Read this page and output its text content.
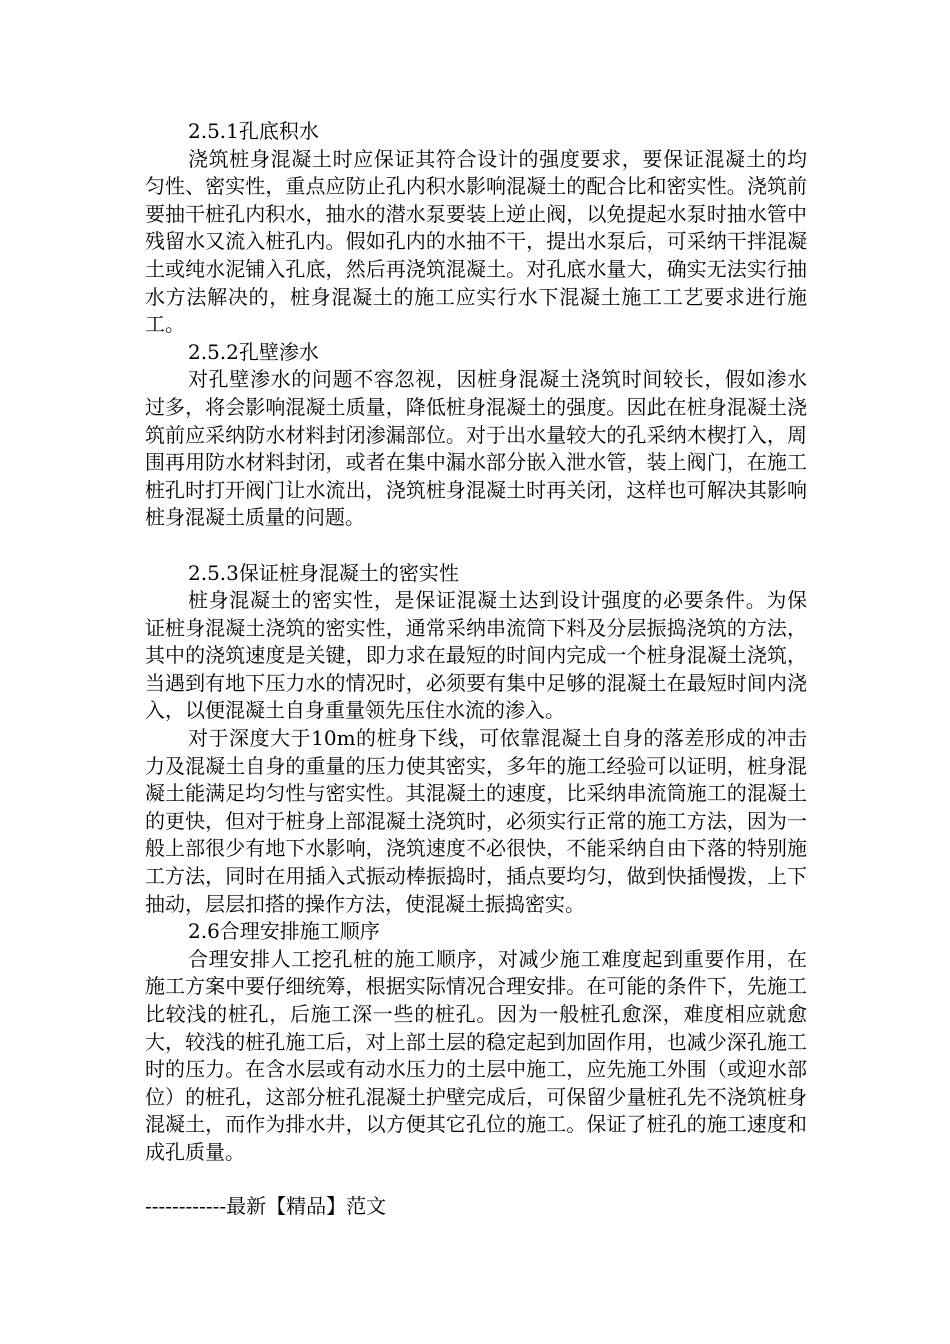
2.5.1孔底积水

浇筑桩身混凝土时应保证其符合设计的强度要求，要保证混凝土的均匀性、密实性，重点应防止孔内积水影响混凝土的配合比和密实性。浇筑前要抽干桩孔内积水，抽水的潜水泵要装上逆止阀，以免提起水泵时抽水管中残留水又流入桩孔内。假如孔内的水抽不干，提出水泵后，可采纳干拌混凝土或纯水泥铺入孔底，然后再浇筑混凝土。对孔底水量大，确实无法实行抽水方法解决的，桩身混凝土的施工应实行水下混凝土施工工艺要求进行施工。

2.5.2孔壁渗水

对孔壁渗水的问题不容忽视，因桩身混凝土浇筑时间较长，假如渗水过多，将会影响混凝土质量，降低桩身混凝土的强度。因此在桩身混凝土浇筑前应采纳防水材料封闭渗漏部位。对于出水量较大的孔采纳木楔打入，周围再用防水材料封闭，或者在集中漏水部分嵌入泄水管，装上阀门，在施工桩孔时打开阀门让水流出，浇筑桩身混凝土时再关闭，这样也可解决其影响桩身混凝土质量的问题。

2.5.3保证桩身混凝土的密实性

桩身混凝土的密实性，是保证混凝土达到设计强度的必要条件。为保证桩身混凝土浇筑的密实性，通常采纳串流筒下料及分层振捣浇筑的方法，其中的浇筑速度是关键，即力求在最短的时间内完成一个桩身混凝土浇筑，当遇到有地下压力水的情况时，必须要有集中足够的混凝土在最短时间内浇入，以便混凝土自身重量领先压住水流的渗入。

对于深度大于10m的桩身下线，可依靠混凝土自身的落差形成的冲击力及混凝土自身的重量的压力使其密实，多年的施工经验可以证明，桩身混凝土能满足均匀性与密实性。其混凝土的速度，比采纳串流筒施工的混凝土的更快，但对于桩身上部混凝土浇筑时，必须实行正常的施工方法，因为一般上部很少有地下水影响，浇筑速度不必很快，不能采纳自由下落的特别施工方法，同时在用插入式振动棒振捣时，插点要均匀，做到快插慢拨，上下抽动，层层扣搭的操作方法，使混凝土振捣密实。

2.6合理安排施工顺序

合理安排人工挖孔桩的施工顺序，对减少施工难度起到重要作用，在施工方案中要仔细统筹，根据实际情况合理安排。在可能的条件下，先施工比较浅的桩孔，后施工深一些的桩孔。因为一般桩孔愈深，难度相应就愈大，较浅的桩孔施工后，对上部土层的稳定起到加固作用，也减少深孔施工时的压力。在含水层或有动水压力的土层中施工，应先施工外围（或迎水部位）的桩孔，这部分桩孔混凝土护壁完成后，可保留少量桩孔先不浇筑桩身混凝土，而作为排水井，以方便其它孔位的施工。保证了桩孔的施工速度和成孔质量。

------------最新【精品】范文
